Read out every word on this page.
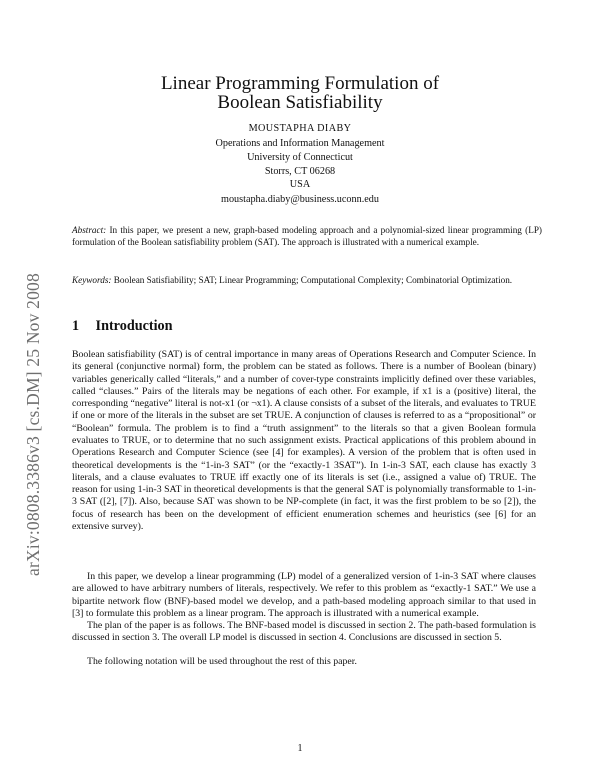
arXiv:0808.3386v3 [cs.DM] 25 Nov 2008
Linear Programming Formulation of
Boolean Satisfiability
MOUSTAPHA DIABY
Operations and Information Management
University of Connecticut
Storrs, CT 06268
USA
moustapha.diaby@business.uconn.edu
Abstract: In this paper, we present a new, graph-based modeling approach and a polynomial-sized linear programming (LP) formulation of the Boolean satisfiability problem (SAT). The approach is illustrated with a numerical example.
Keywords: Boolean Satisfiability; SAT; Linear Programming; Computational Complexity; Combinatorial Optimization.
1 Introduction

Boolean satisfiability (SAT) is of central importance in many areas of Operations Research and Computer Science. In its general (conjunctive normal) form, the problem can be stated as follows. There is a number of Boolean (binary) variables generically called “literals,” and a number of cover-type constraints implicitly defined over these variables, called “clauses.” Pairs of the literals may be negations of each other. For example, if x1 is a (positive) literal, the corresponding “negative” literal is not-x1 (or ¬x1). A clause consists of a subset of the literals, and evaluates to TRUE if one or more of the literals in the subset are set TRUE. A conjunction of clauses is referred to as a “propositional” or “Boolean” formula. The problem is to find a “truth assignment” to the literals so that a given Boolean formula evaluates to TRUE, or to determine that no such assignment exists. Practical applications of this problem abound in Operations Research and Computer Science (see [4] for examples). A version of the problem that is often used in theoretical developments is the “1-in-3 SAT” (or the “exactly-1 3SAT”). In 1-in-3 SAT, each clause has exactly 3 literals, and a clause evaluates to TRUE iff exactly one of its literals is set (i.e., assigned a value of) TRUE. The reason for using 1-in-3 SAT in theoretical developments is that the general SAT is polynomially transformable to 1-in-3 SAT ([2], [7]). Also, because SAT was shown to be NP-complete (in fact, it was the first problem to be so [2]), the focus of research has been on the development of efficient enumeration schemes and heuristics (see [6] for an extensive survey).

In this paper, we develop a linear programming (LP) model of a generalized version of 1-in-3 SAT where clauses are allowed to have arbitrary numbers of literals, respectively. We refer to this problem as “exactly-1 SAT.” We use a bipartite network flow (BNF)-based model we develop, and a path-based modeling approach similar to that used in [3] to formulate this problem as a linear program. The approach is illustrated with a numerical example.

The plan of the paper is as follows. The BNF-based model is discussed in section 2. The path-based formulation is discussed in section 3. The overall LP model is discussed in section 4. Conclusions are discussed in section 5.

The following notation will be used throughout the rest of this paper.

1
